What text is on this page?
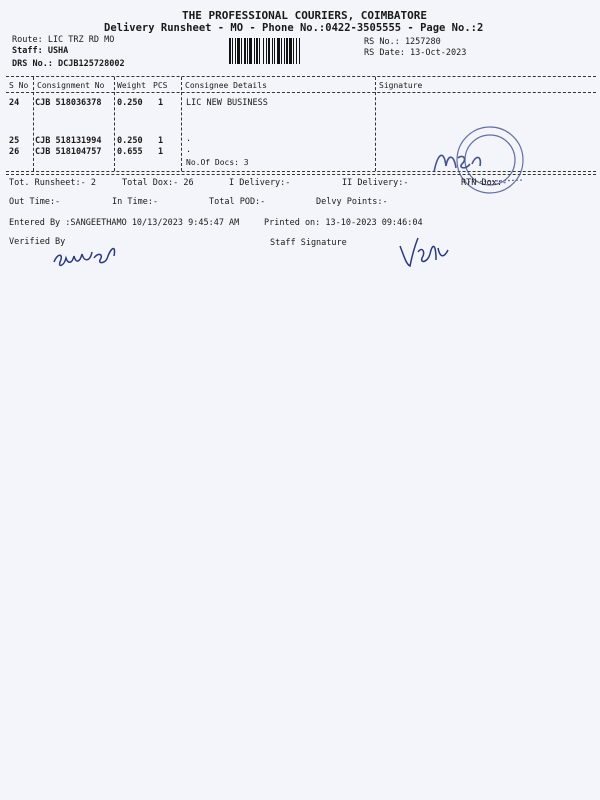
THE PROFESSIONAL COURIERS, COIMBATORE
Delivery Runsheet - MO - Phone No.:0422-3505555 - Page No.:2
Route: LIC TRZ RD MO
Staff: USHA
DRS No.: DCJB125728002
RS No.: 1257280
RS Date: 13-Oct-2023
S No Consignment No Weight PCS Consignee Details	Signature
24 CJB 518036378 0.250 1	LIC NEW BUSINESS
25 CJB 518131994 0.250 1	.
26 CJB 518104757 0.655 1	.
No.Of Docs: 3
Tot. Runsheet:- 2	Total Dox:- 26	I Delivery:-	II Delivery:-	RTN Dox:-
Out Time:-	In Time:-	Total POD:-	Delvy Points:-
Entered By :SANGEETHAMO 10/13/2023 9:45:47 AM	Printed on: 13-10-2023 09:46:04
Verified By	Staff Signature
